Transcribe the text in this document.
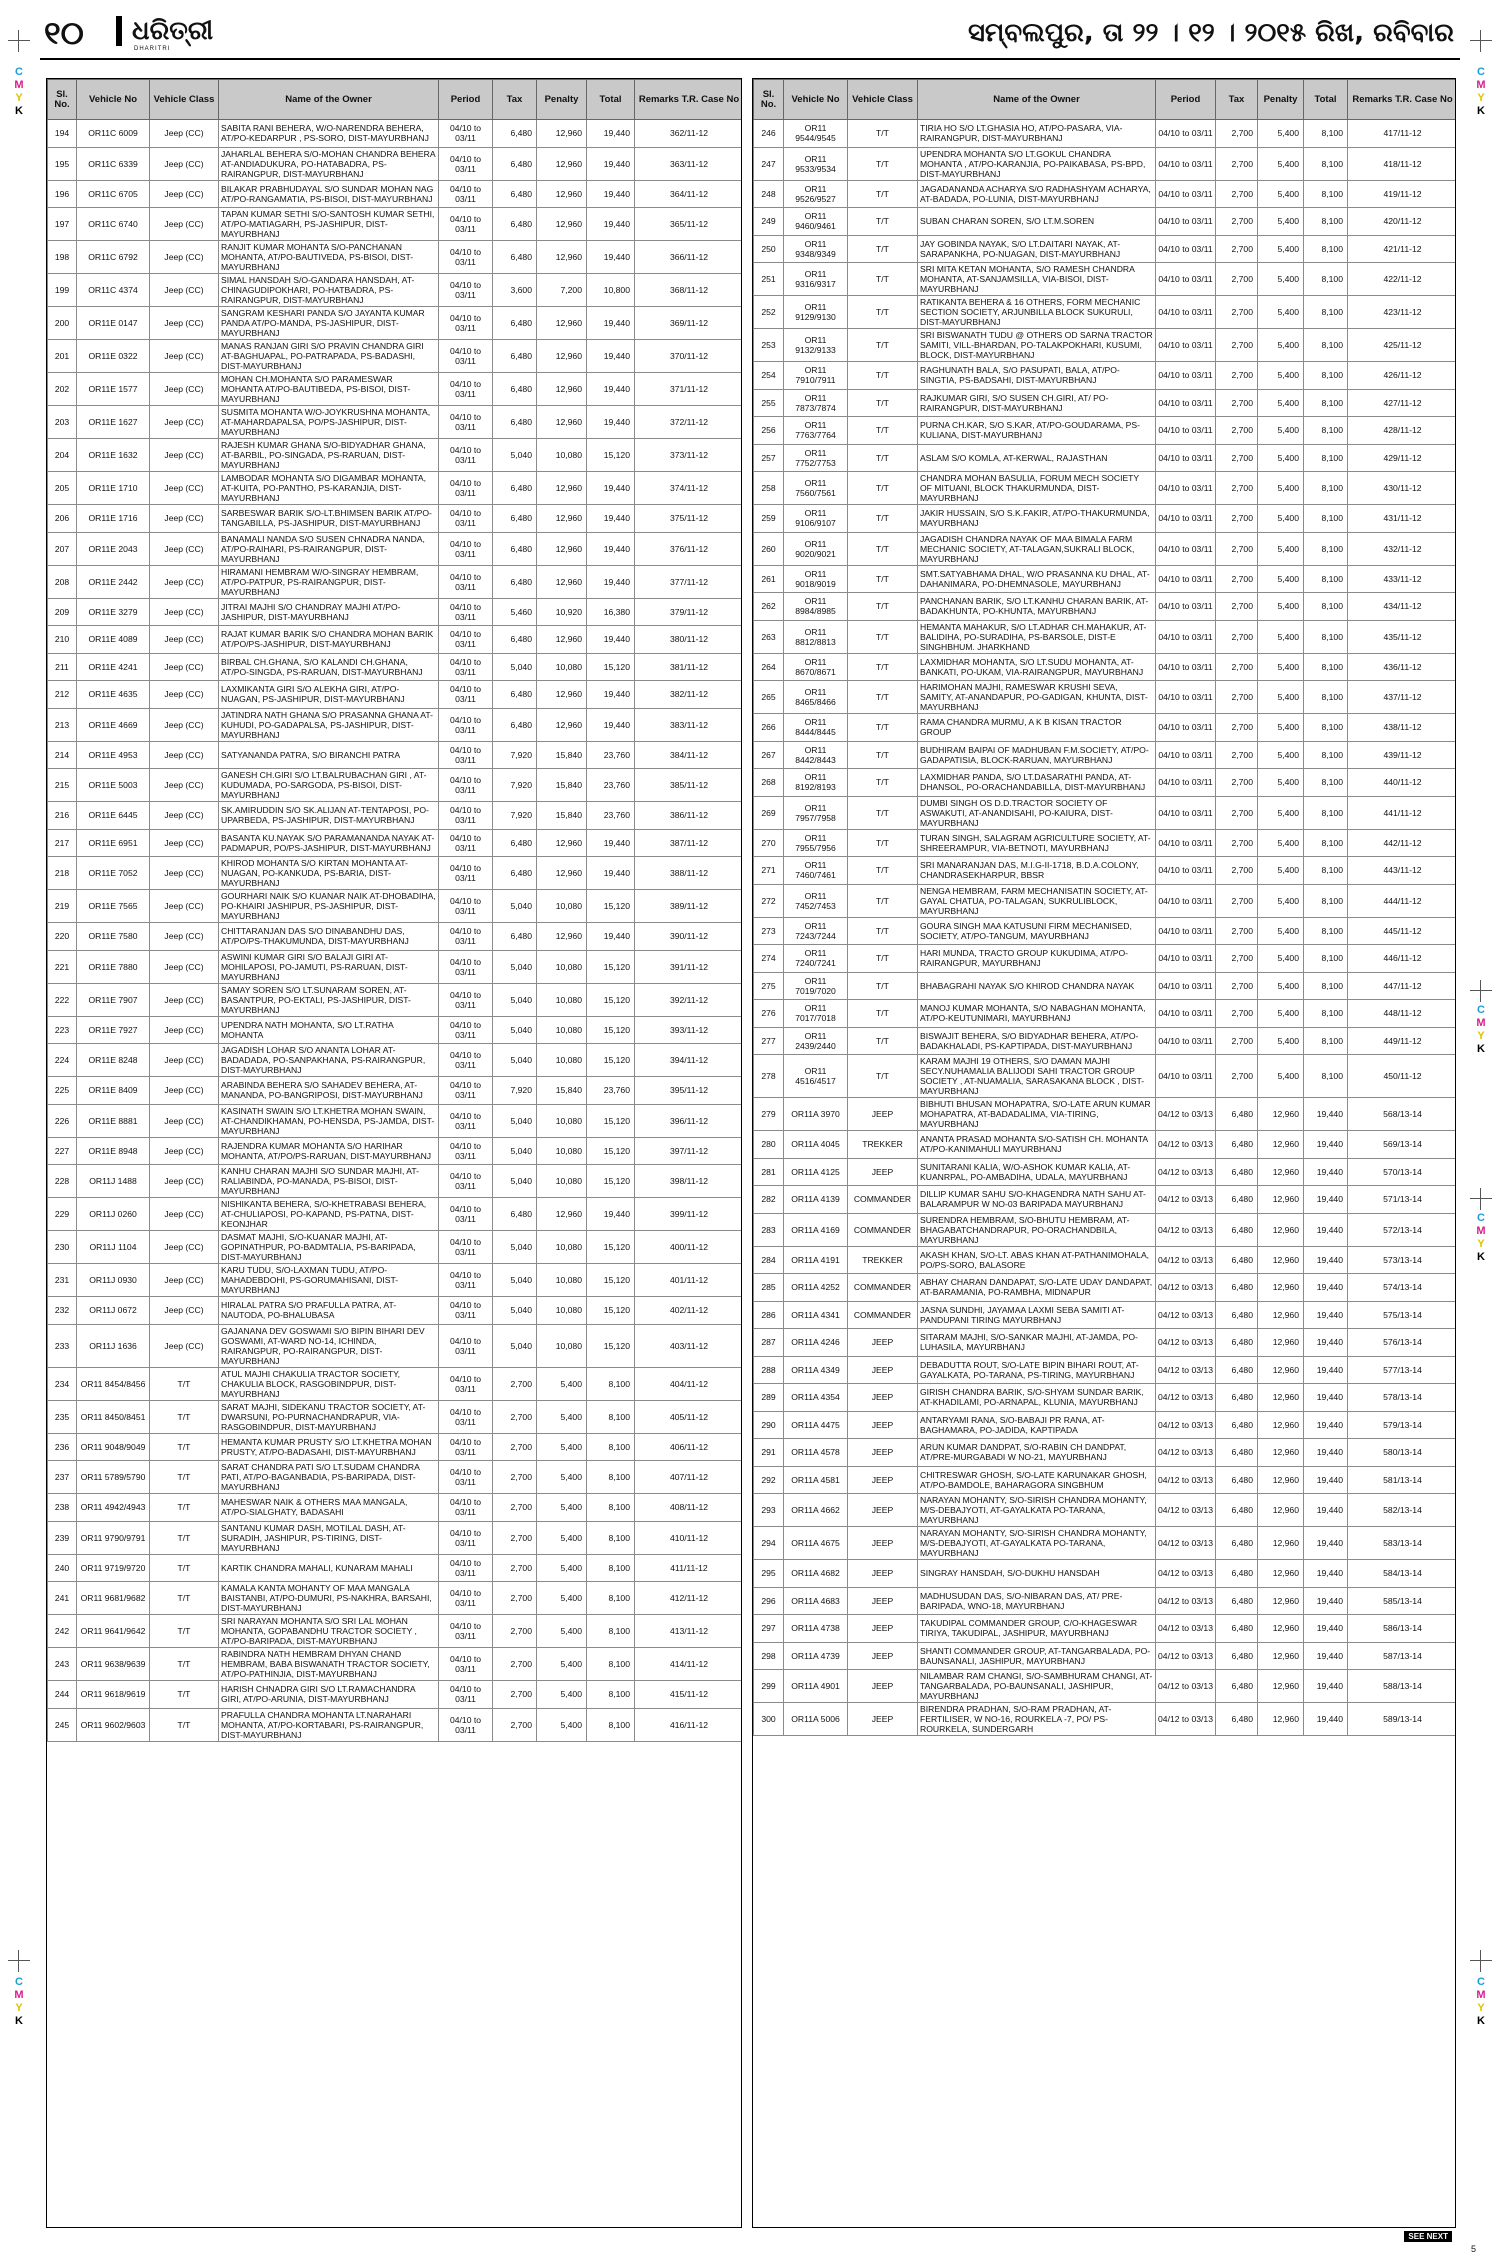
୧୦	ଧରିତ୍ରୀ
DHARITRI
ସମ୍ବଲପୁର, ତା ୨୨ । ୧୨ । ୨୦୧୫ ରିଖ, ରବିବାର
C
M
Y
K
C
M
Y
K
C
M
Y
K
C
M
Y
K
C
M
Y
K
C
M
Y
K
Sl. No.	Vehicle No	Vehicle Class	Name of the Owner	Period	Tax	Penalty	Total	Remarks T.R. Case No
194	OR11C 6009	Jeep (CC)	SABITA RANI BEHERA, W/O-NARENDRA BEHERA, AT/PO-KEDARPUR , PS-SORO, DIST-MAYURBHANJ	04/10 to 03/11	6,480	12,960	19,440	362/11-12
195	OR11C 6339	Jeep (CC)	JAHARLAL BEHERA S/O-MOHAN CHANDRA BEHERA AT-ANDIADUKURA, PO-HATABADRA, PS-RAIRANGPUR, DIST-MAYURBHANJ	04/10 to 03/11	6,480	12,960	19,440	363/11-12
196	OR11C 6705	Jeep (CC)	BILAKAR PRABHUDAYAL S/O SUNDAR MOHAN NAG AT/PO-RANGAMATIA, PS-BISOI, DIST-MAYURBHANJ	04/10 to 03/11	6,480	12,960	19,440	364/11-12
197	OR11C 6740	Jeep (CC)	TAPAN KUMAR SETHI S/O-SANTOSH KUMAR SETHI, AT/PO-MATIAGARH, PS-JASHIPUR, DIST-MAYURBHANJ	04/10 to 03/11	6,480	12,960	19,440	365/11-12
198	OR11C 6792	Jeep (CC)	RANJIT KUMAR MOHANTA S/O-PANCHANAN MOHANTA, AT/PO-BAUTIVEDA, PS-BISOI, DIST-MAYURBHANJ	04/10 to 03/11	6,480	12,960	19,440	366/11-12
199	OR11C 4374	Jeep (CC)	SIMAL HANSDAH S/O-GANDARA HANSDAH, AT-CHINAGUDIPOKHARI, PO-HATBADRA, PS-RAIRANGPUR, DIST-MAYURBHANJ	04/10 to 03/11	3,600	7,200	10,800	368/11-12
200	OR11E 0147	Jeep (CC)	SANGRAM KESHARI PANDA S/O JAYANTA KUMAR PANDA AT/PO-MANDA, PS-JASHIPUR, DIST-MAYURBHANJ	04/10 to 03/11	6,480	12,960	19,440	369/11-12
201	OR11E 0322	Jeep (CC)	MANAS RANJAN GIRI S/O PRAVIN CHANDRA GIRI AT-BAGHUAPAL, PO-PATRAPADA, PS-BADASHI, DIST-MAYURBHANJ	04/10 to 03/11	6,480	12,960	19,440	370/11-12
202	OR11E 1577	Jeep (CC)	MOHAN CH.MOHANTA S/O PARAMESWAR MOHANTA AT/PO-BAUTIBEDA, PS-BISOI, DIST-MAYURBHANJ	04/10 to 03/11	6,480	12,960	19,440	371/11-12
203	OR11E 1627	Jeep (CC)	SUSMITA MOHANTA W/O-JOYKRUSHNA MOHANTA, AT-MAHARDAPALSA, PO/PS-JASHIPUR, DIST-MAYURBHANJ	04/10 to 03/11	6,480	12,960	19,440	372/11-12
204	OR11E 1632	Jeep (CC)	RAJESH KUMAR GHANA S/O-BIDYADHAR GHANA, AT-BARBIL, PO-SINGADA, PS-RARUAN, DIST-MAYURBHANJ	04/10 to 03/11	5,040	10,080	15,120	373/11-12
205	OR11E 1710	Jeep (CC)	LAMBODAR MOHANTA S/O DIGAMBAR MOHANTA, AT-KUITA, PO-PANTHO, PS-KARANJIA, DIST-MAYURBHANJ	04/10 to 03/11	6,480	12,960	19,440	374/11-12
206	OR11E 1716	Jeep (CC)	SARBESWAR BARIK S/O-LT.BHIMSEN BARIK AT/PO-TANGABILLA, PS-JASHIPUR, DIST-MAYURBHANJ	04/10 to 03/11	6,480	12,960	19,440	375/11-12
207	OR11E 2043	Jeep (CC)	BANAMALI NANDA S/O SUSEN CHNADRA NANDA, AT/PO-RAIHARI, PS-RAIRANGPUR, DIST-MAYURBHANJ	04/10 to 03/11	6,480	12,960	19,440	376/11-12
208	OR11E 2442	Jeep (CC)	HIRAMANI HEMBRAM W/O-SINGRAY HEMBRAM, AT/PO-PATPUR, PS-RAIRANGPUR, DIST-MAYURBHANJ	04/10 to 03/11	6,480	12,960	19,440	377/11-12
209	OR11E 3279	Jeep (CC)	JITRAI MAJHI S/O CHANDRAY MAJHI AT/PO-JASHIPUR, DIST-MAYURBHANJ	04/10 to 03/11	5,460	10,920	16,380	379/11-12
210	OR11E 4089	Jeep (CC)	RAJAT KUMAR BARIK S/O CHANDRA MOHAN BARIK AT/PO/PS-JASHIPUR, DIST-MAYURBHANJ	04/10 to 03/11	6,480	12,960	19,440	380/11-12
211	OR11E 4241	Jeep (CC)	BIRBAL CH.GHANA, S/O KALANDI CH.GHANA, AT/PO-SINGDA, PS-RARUAN, DIST-MAYURBHANJ	04/10 to 03/11	5,040	10,080	15,120	381/11-12
212	OR11E 4635	Jeep (CC)	LAXMIKANTA GIRI S/O ALEKHA GIRI, AT/PO-NUAGAN, PS-JASHIPUR, DIST-MAYURBHANJ	04/10 to 03/11	6,480	12,960	19,440	382/11-12
213	OR11E 4669	Jeep (CC)	JATINDRA NATH GHANA S/O PRASANNA GHANA AT-KUHUDI, PO-GADAPALSA, PS-JASHIPUR, DIST-MAYURBHANJ	04/10 to 03/11	6,480	12,960	19,440	383/11-12
214	OR11E 4953	Jeep (CC)	SATYANANDA PATRA, S/O BIRANCHI PATRA	04/10 to 03/11	7,920	15,840	23,760	384/11-12
215	OR11E 5003	Jeep (CC)	GANESH CH.GIRI S/O LT.BALRUBACHAN GIRI , AT-KUDUMADA, PO-SARGODA, PS-BISOI, DIST-MAYURBHANJ	04/10 to 03/11	7,920	15,840	23,760	385/11-12
216	OR11E 6445	Jeep (CC)	SK.AMIRUDDIN S/O SK.ALIJAN AT-TENTAPOSI, PO-UPARBEDA, PS-JASHIPUR, DIST-MAYURBHANJ	04/10 to 03/11	7,920	15,840	23,760	386/11-12
217	OR11E 6951	Jeep (CC)	BASANTA KU.NAYAK S/O PARAMANANDA NAYAK AT-PADMAPUR, PO/PS-JASHIPUR, DIST-MAYURBHANJ	04/10 to 03/11	6,480	12,960	19,440	387/11-12
218	OR11E 7052	Jeep (CC)	KHIROD MOHANTA S/O KIRTAN MOHANTA AT-NUAGAN, PO-KANKUDA, PS-BARIA, DIST-MAYURBHANJ	04/10 to 03/11	6,480	12,960	19,440	388/11-12
219	OR11E 7565	Jeep (CC)	GOURHARI NAIK S/O KUANAR NAIK AT-DHOBADIHA, PO-KHAIRI JASHIPUR, PS-JASHIPUR, DIST-MAYURBHANJ	04/10 to 03/11	5,040	10,080	15,120	389/11-12
220	OR11E 7580	Jeep (CC)	CHITTARANJAN DAS S/O DINABANDHU DAS, AT/PO/PS-THAKUMUNDA, DIST-MAYURBHANJ	04/10 to 03/11	6,480	12,960	19,440	390/11-12
221	OR11E 7880	Jeep (CC)	ASWINI KUMAR GIRI S/O BALAJI GIRI AT-MOHILAPOSI, PO-JAMUTI, PS-RARUAN, DIST-MAYURBHANJ	04/10 to 03/11	5,040	10,080	15,120	391/11-12
222	OR11E 7907	Jeep (CC)	SAMAY SOREN S/O LT.SUNARAM SOREN, AT-BASANTPUR, PO-EKTALI, PS-JASHIPUR, DIST-MAYURBHANJ	04/10 to 03/11	5,040	10,080	15,120	392/11-12
223	OR11E 7927	Jeep (CC)	UPENDRA NATH MOHANTA, S/O LT.RATHA MOHANTA	04/10 to 03/11	5,040	10,080	15,120	393/11-12
224	OR11E 8248	Jeep (CC)	JAGADISH LOHAR S/O ANANTA LOHAR AT-BADADADA, PO-SANPAKHANA, PS-RAIRANGPUR, DIST-MAYURBHANJ	04/10 to 03/11	5,040	10,080	15,120	394/11-12
225	OR11E 8409	Jeep (CC)	ARABINDA BEHERA S/O SAHADEV BEHERA, AT-MANANDA, PO-BANGRIPOSI, DIST-MAYURBHANJ	04/10 to 03/11	7,920	15,840	23,760	395/11-12
226	OR11E 8881	Jeep (CC)	KASINATH SWAIN S/O LT.KHETRA MOHAN SWAIN, AT-CHANDIKHAMAN, PO-HENSDA, PS-JAMDA, DIST-MAYURBHANJ	04/10 to 03/11	5,040	10,080	15,120	396/11-12
227	OR11E 8948	Jeep (CC)	RAJENDRA KUMAR MOHANTA S/O HARIHAR MOHANTA, AT/PO/PS-RARUAN, DIST-MAYURBHANJ	04/10 to 03/11	5,040	10,080	15,120	397/11-12
228	OR11J 1488	Jeep (CC)	KANHU CHARAN MAJHI S/O SUNDAR MAJHI, AT-RALIABINDA, PO-MANADA, PS-BISOI, DIST-MAYURBHANJ	04/10 to 03/11	5,040	10,080	15,120	398/11-12
229	OR11J 0260	Jeep (CC)	NISHIKANTA BEHERA, S/O-KHETRABASI BEHERA, AT-CHULIAPOSI, PO-KAPAND, PS-PATNA, DIST-KEONJHAR	04/10 to 03/11	6,480	12,960	19,440	399/11-12
230	OR11J 1104	Jeep (CC)	DASMAT MAJHI, S/O-KUANAR MAJHI, AT-GOPINATHPUR, PO-BADMTALIA, PS-BARIPADA, DIST-MAYURBHANJ	04/10 to 03/11	5,040	10,080	15,120	400/11-12
231	OR11J 0930	Jeep (CC)	KARU TUDU, S/O-LAXMAN TUDU, AT/PO-MAHADEBDOHI, PS-GORUMAHISANI, DIST-MAYURBHANJ	04/10 to 03/11	5,040	10,080	15,120	401/11-12
232	OR11J 0672	Jeep (CC)	HIRALAL PATRA S/O PRAFULLA PATRA, AT-NAUTODA, PO-BHALUBASA	04/10 to 03/11	5,040	10,080	15,120	402/11-12
233	OR11J 1636	Jeep (CC)	GAJANANA DEV GOSWAMI S/O BIPIN BIHARI DEV GOSWAMI, AT-WARD NO-14, ICHINDA, RAIRANGPUR, PO-RAIRANGPUR, DIST-MAYURBHANJ	04/10 to 03/11	5,040	10,080	15,120	403/11-12
234	OR11 8454/8456	T/T	ATUL MAJHI CHAKULIA TRACTOR SOCIETY, CHAKULIA BLOCK, RASGOBINDPUR, DIST-MAYURBHANJ	04/10 to 03/11	2,700	5,400	8,100	404/11-12
235	OR11 8450/8451	T/T	SARAT MAJHI, SIDEKANU TRACTOR SOCIETY, AT-DWARSUNI, PO-PURNACHANDRAPUR, VIA-RASGOBINDPUR, DIST-MAYURBHANJ	04/10 to 03/11	2,700	5,400	8,100	405/11-12
236	OR11 9048/9049	T/T	HEMANTA KUMAR PRUSTY S/O LT.KHETRA MOHAN PRUSTY, AT/PO-BADASAHI, DIST-MAYURBHANJ	04/10 to 03/11	2,700	5,400	8,100	406/11-12
237	OR11 5789/5790	T/T	SARAT CHANDRA PATI S/O LT.SUDAM CHANDRA PATI, AT/PO-BAGANBADIA, PS-BARIPADA, DIST-MAYURBHANJ	04/10 to 03/11	2,700	5,400	8,100	407/11-12
238	OR11 4942/4943	T/T	MAHESWAR NAIK & OTHERS MAA MANGALA, AT/PO-SIALGHATY, BADASAHI	04/10 to 03/11	2,700	5,400	8,100	408/11-12
239	OR11 9790/9791	T/T	SANTANU KUMAR DASH, MOTILAL DASH, AT-SURADIH, JASHIPUR, PS-TIRING, DIST-MAYURBHANJ	04/10 to 03/11	2,700	5,400	8,100	410/11-12
240	OR11 9719/9720	T/T	KARTIK CHANDRA MAHALI, KUNARAM MAHALI	04/10 to 03/11	2,700	5,400	8,100	411/11-12
241	OR11 9681/9682	T/T	KAMALA KANTA MOHANTY OF MAA MANGALA BAISTANBI, AT/PO-DUMURI, PS-NAKHRA, BARSAHI, DIST-MAYURBHANJ	04/10 to 03/11	2,700	5,400	8,100	412/11-12
242	OR11 9641/9642	T/T	SRI NARAYAN MOHANTA S/O SRI LAL MOHAN MOHANTA, GOPABANDHU TRACTOR SOCIETY , AT/PO-BARIPADA, DIST-MAYURBHANJ	04/10 to 03/11	2,700	5,400	8,100	413/11-12
243	OR11 9638/9639	T/T	RABINDRA NATH HEMBRAM DHYAN CHAND HEMBRAM, BABA BISWANATH TRACTOR SOCIETY, AT/PO-PATHINJIA, DIST-MAYURBHANJ	04/10 to 03/11	2,700	5,400	8,100	414/11-12
244	OR11 9618/9619	T/T	HARISH CHNADRA GIRI S/O LT.RAMACHANDRA GIRI, AT/PO-ARUNIA, DIST-MAYURBHANJ	04/10 to 03/11	2,700	5,400	8,100	415/11-12
245	OR11 9602/9603	T/T	PRAFULLA CHANDRA MOHANTA LT.NARAHARI MOHANTA, AT/PO-KORTABARI, PS-RAIRANGPUR, DIST-MAYURBHANJ	04/10 to 03/11	2,700	5,400	8,100	416/11-12
Sl. No.	Vehicle No	Vehicle Class	Name of the Owner	Period	Tax	Penalty	Total	Remarks T.R. Case No
246	OR11 9544/9545	T/T	TIRIA HO S/O LT.GHASIA HO, AT/PO-PASARA, VIA-RAIRANGPUR, DIST-MAYURBHANJ	04/10 to 03/11	2,700	5,400	8,100	417/11-12
247	OR11 9533/9534	T/T	UPENDRA MOHANTA S/O LT.GOKUL CHANDRA MOHANTA , AT/PO-KARANJIA, PO-PAIKABASA, PS-BPD, DIST-MAYURBHANJ	04/10 to 03/11	2,700	5,400	8,100	418/11-12
248	OR11 9526/9527	T/T	JAGADANANDA ACHARYA S/O RADHASHYAM ACHARYA, AT-BADADA, PO-LUNIA, DIST-MAYURBHANJ	04/10 to 03/11	2,700	5,400	8,100	419/11-12
249	OR11 9460/9461	T/T	SUBAN CHARAN SOREN, S/O LT.M.SOREN	04/10 to 03/11	2,700	5,400	8,100	420/11-12
250	OR11 9348/9349	T/T	JAY GOBINDA NAYAK, S/O LT.DAITARI NAYAK, AT-SARAPANKHA, PO-NUAGAN, DIST-MAYURBHANJ	04/10 to 03/11	2,700	5,400	8,100	421/11-12
251	OR11 9316/9317	T/T	SRI MITA KETAN MOHANTA, S/O RAMESH CHANDRA MOHANTA, AT-SANJAMSILLA, VIA-BISOI, DIST-MAYURBHANJ	04/10 to 03/11	2,700	5,400	8,100	422/11-12
252	OR11 9129/9130	T/T	RATIKANTA BEHERA & 16 OTHERS, FORM MECHANIC SECTION SOCIETY, ARJUNBILLA BLOCK SUKURULI, DIST-MAYURBHANJ	04/10 to 03/11	2,700	5,400	8,100	423/11-12
253	OR11 9132/9133	T/T	SRI BISWANATH TUDU @ OTHERS OD SARNA TRACTOR SAMITI, VILL-BHARDAN, PO-TALAKPOKHARI, KUSUMI, BLOCK, DIST-MAYURBHANJ	04/10 to 03/11	2,700	5,400	8,100	425/11-12
254	OR11 7910/7911	T/T	RAGHUNATH BALA, S/O PASUPATI, BALA, AT/PO-SINGTIA, PS-BADSAHI, DIST-MAYURBHANJ	04/10 to 03/11	2,700	5,400	8,100	426/11-12
255	OR11 7873/7874	T/T	RAJKUMAR GIRI, S/O SUSEN CH.GIRI, AT/ PO-RAIRANGPUR, DIST-MAYURBHANJ	04/10 to 03/11	2,700	5,400	8,100	427/11-12
256	OR11 7763/7764	T/T	PURNA CH.KAR, S/O S.KAR, AT/PO-GOUDARAMA, PS-KULIANA, DIST-MAYURBHANJ	04/10 to 03/11	2,700	5,400	8,100	428/11-12
257	OR11 7752/7753	T/T	ASLAM S/O KOMLA, AT-KERWAL, RAJASTHAN	04/10 to 03/11	2,700	5,400	8,100	429/11-12
258	OR11 7560/7561	T/T	CHANDRA MOHAN BASULIA, FORUM MECH SOCIETY OF MITUANI, BLOCK THAKURMUNDA, DIST-MAYURBHANJ	04/10 to 03/11	2,700	5,400	8,100	430/11-12
259	OR11 9106/9107	T/T	JAKIR HUSSAIN, S/O S.K.FAKIR, AT/PO-THAKURMUNDA, MAYURBHANJ	04/10 to 03/11	2,700	5,400	8,100	431/11-12
260	OR11 9020/9021	T/T	JAGADISH CHANDRA NAYAK OF MAA BIMALA FARM MECHANIC SOCIETY, AT-TALAGAN,SUKRALI BLOCK, MAYURBHANJ	04/10 to 03/11	2,700	5,400	8,100	432/11-12
261	OR11 9018/9019	T/T	SMT.SATYABHAMA DHAL, W/O PRASANNA KU DHAL, AT-DAHANIMARA, PO-DHEMNASOLE, MAYURBHANJ	04/10 to 03/11	2,700	5,400	8,100	433/11-12
262	OR11 8984/8985	T/T	PANCHANAN BARIK, S/O LT.KANHU CHARAN BARIK, AT-BADAKHUNTA, PO-KHUNTA, MAYURBHANJ	04/10 to 03/11	2,700	5,400	8,100	434/11-12
263	OR11 8812/8813	T/T	HEMANTA MAHAKUR, S/O LT.ADHAR CH.MAHAKUR, AT-BALIDIHA, PO-SURADIHA, PS-BARSOLE, DIST-E SINGHBHUM. JHARKHAND	04/10 to 03/11	2,700	5,400	8,100	435/11-12
264	OR11 8670/8671	T/T	LAXMIDHAR MOHANTA, S/O LT.SUDU MOHANTA, AT-BANKATI, PO-UKAM, VIA-RAIRANGPUR, MAYURBHANJ	04/10 to 03/11	2,700	5,400	8,100	436/11-12
265	OR11 8465/8466	T/T	HARIMOHAN MAJHI, RAMESWAR KRUSHI SEVA, SAMITY, AT-ANANDAPUR, PO-GADIGAN, KHUNTA, DIST-MAYURBHANJ	04/10 to 03/11	2,700	5,400	8,100	437/11-12
266	OR11 8444/8445	T/T	RAMA CHANDRA MURMU, A K B KISAN TRACTOR GROUP	04/10 to 03/11	2,700	5,400	8,100	438/11-12
267	OR11 8442/8443	T/T	BUDHIRAM BAIPAI OF MADHUBAN F.M.SOCIETY, AT/PO-GADAPATISIA, BLOCK-RARUAN, MAYURBHANJ	04/10 to 03/11	2,700	5,400	8,100	439/11-12
268	OR11 8192/8193	T/T	LAXMIDHAR PANDA, S/O LT.DASARATHI PANDA, AT-DHANSOL, PO-ORACHANDABILLA, DIST-MAYURBHANJ	04/10 to 03/11	2,700	5,400	8,100	440/11-12
269	OR11 7957/7958	T/T	DUMBI SINGH OS D.D.TRACTOR SOCIETY OF ASWAKUTI, AT-ANANDISAHI, PO-KAIURA, DIST-MAYURBHANJ	04/10 to 03/11	2,700	5,400	8,100	441/11-12
270	OR11 7955/7956	T/T	TURAN SINGH, SALAGRAM AGRICULTURE SOCIETY, AT-SHREERAMPUR, VIA-BETNOTI, MAYURBHANJ	04/10 to 03/11	2,700	5,400	8,100	442/11-12
271	OR11 7460/7461	T/T	SRI MANARANJAN DAS, M.I.G-II-1718, B.D.A.COLONY, CHANDRASEKHARPUR, BBSR	04/10 to 03/11	2,700	5,400	8,100	443/11-12
272	OR11 7452/7453	T/T	NENGA HEMBRAM, FARM MECHANISATIN SOCIETY, AT-GAYAL CHATUA, PO-TALAGAN, SUKRULIBLOCK, MAYURBHANJ	04/10 to 03/11	2,700	5,400	8,100	444/11-12
273	OR11 7243/7244	T/T	GOURA SINGH MAA KATUSUNI FIRM MECHANISED, SOCIETY, AT/PO-TANGUM, MAYURBHANJ	04/10 to 03/11	2,700	5,400	8,100	445/11-12
274	OR11 7240/7241	T/T	HARI MUNDA, TRACTO GROUP KUKUDIMA, AT/PO-RAIRANGPUR, MAYURBHANJ	04/10 to 03/11	2,700	5,400	8,100	446/11-12
275	OR11 7019/7020	T/T	BHABAGRAHI NAYAK S/O KHIROD CHANDRA NAYAK	04/10 to 03/11	2,700	5,400	8,100	447/11-12
276	OR11 7017/7018	T/T	MANOJ KUMAR MOHANTA, S/O NABAGHAN MOHANTA, AT/PO-KEUTUNIMARI, MAYURBHANJ	04/10 to 03/11	2,700	5,400	8,100	448/11-12
277	OR11 2439/2440	T/T	BISWAJIT BEHERA, S/O BIDYADHAR BEHERA, AT/PO-BADAKHALADI, PS-KAPTIPADA, DIST-MAYURBHANJ	04/10 to 03/11	2,700	5,400	8,100	449/11-12
278	OR11 4516/4517	T/T	KARAM MAJHI 19 OTHERS, S/O DAMAN MAJHI SECY.NUHAMALIA BALIJODI SAHI TRACTOR GROUP SOCIETY , AT-NUAMALIA, SARASAKANA BLOCK , DIST-MAYURBHANJ	04/10 to 03/11	2,700	5,400	8,100	450/11-12
279	OR11A 3970	JEEP	BIBHUTI BHUSAN MOHAPATRA, S/O-LATE ARUN KUMAR MOHAPATRA, AT-BADADALIMA, VIA-TIRING, MAYURBHANJ	04/12 to 03/13	6,480	12,960	19,440	568/13-14
280	OR11A 4045	TREKKER	ANANTA PRASAD MOHANTA S/O-SATISH CH. MOHANTA AT/PO-KANIMAHULI MAYURBHANJ	04/12 to 03/13	6,480	12,960	19,440	569/13-14
281	OR11A 4125	JEEP	SUNITARANI KALIA, W/O-ASHOK KUMAR KALIA, AT-KUANRPAL, PO-AMBADIHA, UDALA, MAYURBHANJ	04/12 to 03/13	6,480	12,960	19,440	570/13-14
282	OR11A 4139	COMMANDER	DILLIP KUMAR SAHU S/O-KHAGENDRA NATH SAHU AT-BALARAMPUR W NO-03 BARIPADA MAYURBHANJ	04/12 to 03/13	6,480	12,960	19,440	571/13-14
283	OR11A 4169	COMMANDER	SURENDRA HEMBRAM, S/O-BHUTU HEMBRAM, AT-BHAGABATCHANDRAPUR, PO-ORACHANDBILA, MAYURBHANJ	04/12 to 03/13	6,480	12,960	19,440	572/13-14
284	OR11A 4191	TREKKER	AKASH KHAN, S/O-LT. ABAS KHAN AT-PATHANIMOHALA, PO/PS-SORO, BALASORE	04/12 to 03/13	6,480	12,960	19,440	573/13-14
285	OR11A 4252	COMMANDER	ABHAY CHARAN DANDAPAT, S/O-LATE UDAY DANDAPAT, AT-BARAMANIA, PO-RAMBHA, MIDNAPUR	04/12 to 03/13	6,480	12,960	19,440	574/13-14
286	OR11A 4341	COMMANDER	JASNA SUNDHI, JAYAMAA LAXMI SEBA SAMITI AT-PANDUPANI TIRING MAYURBHANJ	04/12 to 03/13	6,480	12,960	19,440	575/13-14
287	OR11A 4246	JEEP	SITARAM MAJHI, S/O-SANKAR MAJHI, AT-JAMDA, PO-LUHASILA, MAYURBHANJ	04/12 to 03/13	6,480	12,960	19,440	576/13-14
288	OR11A 4349	JEEP	DEBADUTTA ROUT, S/O-LATE BIPIN BIHARI ROUT, AT-GAYALKATA, PO-TARANA, PS-TIRING, MAYURBHANJ	04/12 to 03/13	6,480	12,960	19,440	577/13-14
289	OR11A 4354	JEEP	GIRISH CHANDRA BARIK, S/O-SHYAM SUNDAR BARIK, AT-KHADILAMI, PO-ARNAPAL, KLUNIA, MAYURBHANJ	04/12 to 03/13	6,480	12,960	19,440	578/13-14
290	OR11A 4475	JEEP	ANTARYAMI RANA, S/O-BABAJI PR RANA, AT-BAGHAMARA, PO-JADIDA, KAPTIPADA	04/12 to 03/13	6,480	12,960	19,440	579/13-14
291	OR11A 4578	JEEP	ARUN KUMAR DANDPAT, S/O-RABIN CH DANDPAT, AT/PRE-MURGABADI W NO-21, MAYURBHANJ	04/12 to 03/13	6,480	12,960	19,440	580/13-14
292	OR11A 4581	JEEP	CHITRESWAR GHOSH, S/O-LATE KARUNAKAR GHOSH, AT/PO-BAMDOLE, BAHARAGORA SINGBHUM	04/12 to 03/13	6,480	12,960	19,440	581/13-14
293	OR11A 4662	JEEP	NARAYAN MOHANTY, S/O-SIRISH CHANDRA MOHANTY, M/S-DEBAJYOTI, AT-GAYALKATA PO-TARANA, MAYURBHANJ	04/12 to 03/13	6,480	12,960	19,440	582/13-14
294	OR11A 4675	JEEP	NARAYAN MOHANTY, S/O-SIRISH CHANDRA MOHANTY, M/S-DEBAJYOTI, AT-GAYALKATA PO-TARANA, MAYURBHANJ	04/12 to 03/13	6,480	12,960	19,440	583/13-14
295	OR11A 4682	JEEP	SINGRAY HANSDAH, S/O-DUKHU HANSDAH	04/12 to 03/13	6,480	12,960	19,440	584/13-14
296	OR11A 4683	JEEP	MADHUSUDAN DAS, S/O-NIBARAN DAS, AT/ PRE-BARIPADA, WNO-18, MAYURBHANJ	04/12 to 03/13	6,480	12,960	19,440	585/13-14
297	OR11A 4738	JEEP	TAKUDIPAL COMMANDER GROUP, C/O-KHAGESWAR TIRIYA, TAKUDIPAL, JASHIPUR, MAYURBHANJ	04/12 to 03/13	6,480	12,960	19,440	586/13-14
298	OR11A 4739	JEEP	SHANTI COMMANDER GROUP, AT-TANGARBALADA, PO-BAUNSANALI, JASHIPUR, MAYURBHANJ	04/12 to 03/13	6,480	12,960	19,440	587/13-14
299	OR11A 4901	JEEP	NILAMBAR RAM CHANGI, S/O-SAMBHURAM CHANGI, AT-TANGARBALADA, PO-BAUNSANALI, JASHIPUR, MAYURBHANJ	04/12 to 03/13	6,480	12,960	19,440	588/13-14
300	OR11A 5006	JEEP	BIRENDRA PRADHAN, S/O-RAM PRADHAN, AT-FERTILISER, W NO-16, ROURKELA -7, PO/ PS-ROURKELA, SUNDERGARH	04/12 to 03/13	6,480	12,960	19,440	589/13-14
SEE NEXT
5
